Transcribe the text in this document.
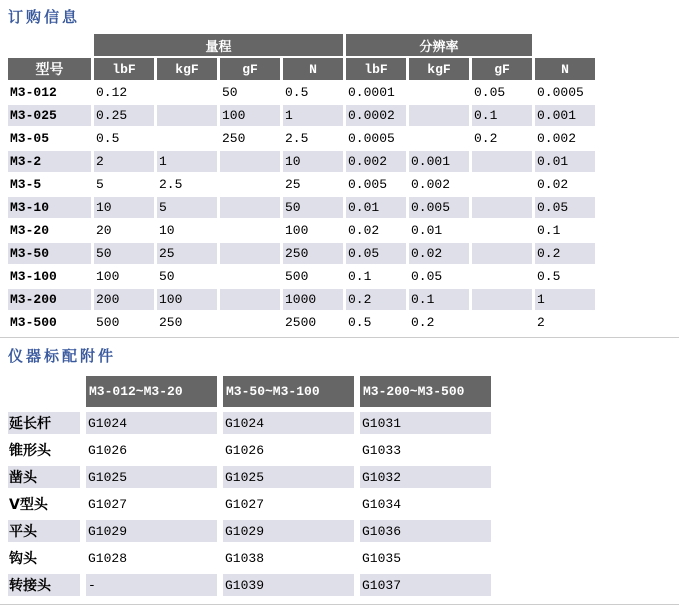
订购信息
	量程				分辨率			
型号	lbF	kgF	gF	N	lbF	kgF	gF	N
M3-012	0.12		50	0.5	0.0001		0.05	0.0005
M3-025	0.25		100	1	0.0002		0.1	0.001
M3-05	0.5		250	2.5	0.0005		0.2	0.002
M3-2	2	1		10	0.002	0.001		0.01
M3-5	5	2.5		25	0.005	0.002		0.02
M3-10	10	5		50	0.01	0.005		0.05
M3-20	20	10		100	0.02	0.01		0.1
M3-50	50	25		250	0.05	0.02		0.2
M3-100	100	50		500	0.1	0.05		0.5
M3-200	200	100		1000	0.2	0.1		1
M3-500	500	250		2500	0.5	0.2		2
仪器标配附件
	M3-012~M3-20	M3-50~M3-100	M3-200~M3-500
延长杆	G1024	G1024	G1031
锥形头	G1026	G1026	G1033
凿头	G1025	G1025	G1032
V型头	G1027	G1027	G1034
平头	G1029	G1029	G1036
钩头	G1028	G1038	G1035
转接头	-	G1039	G1037
